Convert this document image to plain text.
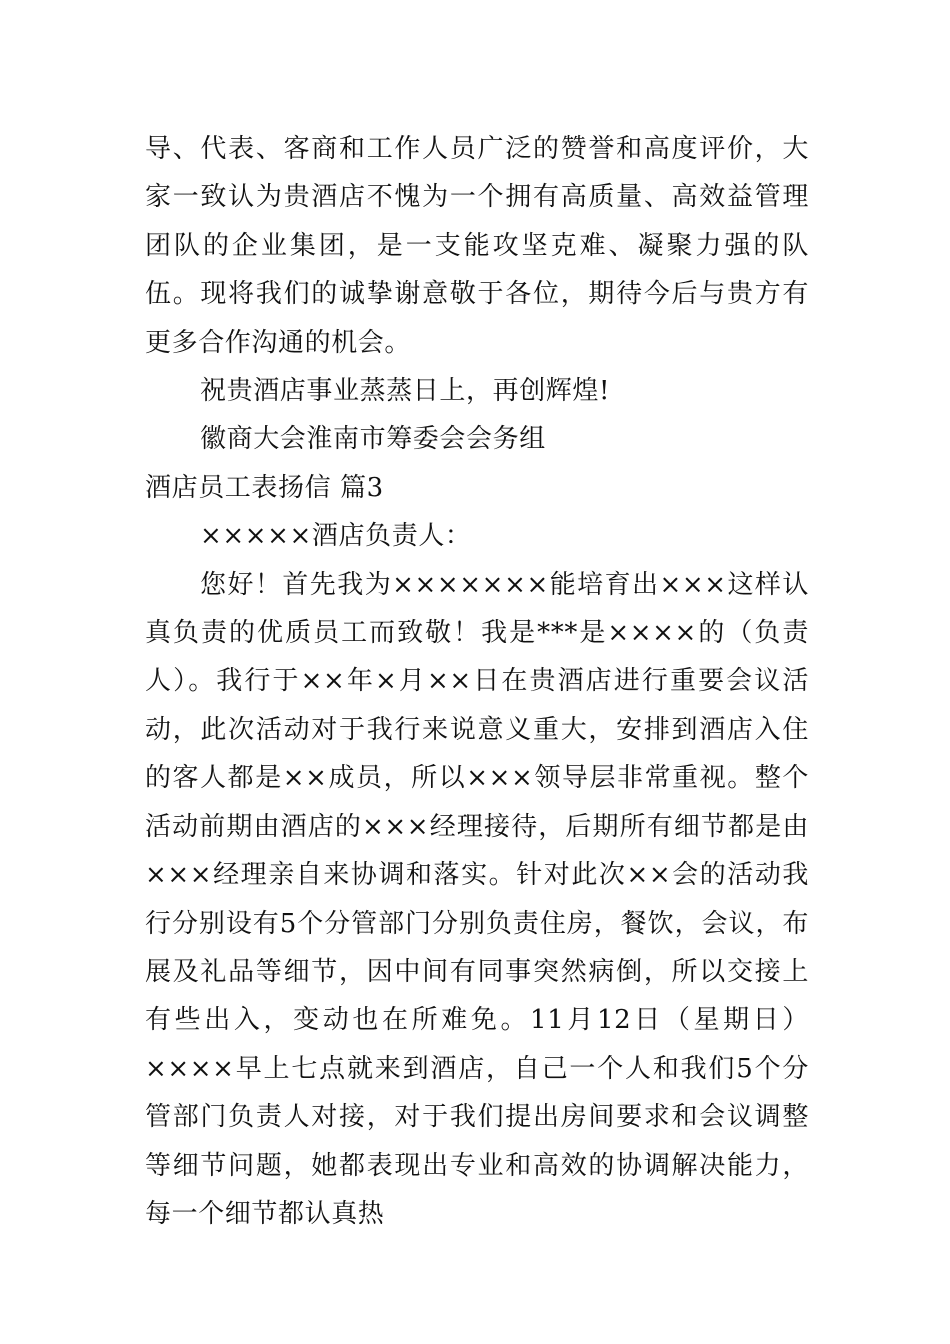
导、代表、客商和工作人员广泛的赞誉和高度评价，大家一致认为贵酒店不愧为一个拥有高质量、高效益管理团队的企业集团，是一支能攻坚克难、凝聚力强的队伍。现将我们的诚挚谢意敬于各位，期待今后与贵方有更多合作沟通的机会。

祝贵酒店事业蒸蒸日上，再创辉煌!

徽商大会淮南市筹委会会务组

酒店员工表扬信 篇3

×××××酒店负责人：

您好！首先我为×××××××能培育出×××这样认真负责的优质员工而致敬！我是***是××××的（负责人）。我行于××年×月××日在贵酒店进行重要会议活动，此次活动对于我行来说意义重大，安排到酒店入住的客人都是××成员，所以×××领导层非常重视。整个活动前期由酒店的×××经理接待，后期所有细节都是由×××经理亲自来协调和落实。针对此次××会的活动我行分别设有5个分管部门分别负责住房，餐饮，会议，布展及礼品等细节，因中间有同事突然病倒，所以交接上有些出入，变动也在所难免。11月12日（星期日）××××早上七点就来到酒店，自己一个人和我们5个分管部门负责人对接，对于我们提出房间要求和会议调整等细节问题，她都表现出专业和高效的协调解决能力，每一个细节都认真热
